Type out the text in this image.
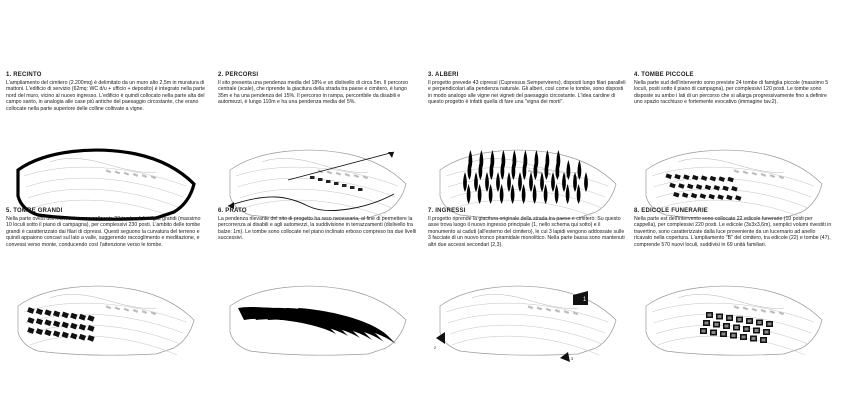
1. RECINTO
L'ampliamento del cimitero (2.200mq) è delimitato da un muro alto 2,5m in muratura di mattoni. L'edificio di servizio (62mq: WC d/u + ufficio + deposito) è integrato nella parte nord del muro, vicino al nuovo ingresso. L'edificio è quindi collocato nella parte alta del campo santo, in analogia alle case più antiche del paesaggio circostante, che erano collocate nella parte superiore delle colline coltivate a vigne.
2. PERCORSI
Il sito presenta una pendenza media del 18% e un dislivello di circa 5m. Il percorso centrale (scale), che riprende la giacitura della strada tra paese e cimitero, è lungo 35m e ha una pendenza del 15%. Il percorso in rampa, percorribile da disabili e automezzi, è lungo 110m e ha una pendenza media del 5%.
3. ALBERI
Il progetto prevede 43 cipressi (Cupressus Sempervirens), disposti lungo filari paralleli e perpendicolari alla pendenza naturale. Gli alberi, così come le tombe, sono disposti in modo analogo alle vigne nei vigneti del paesaggio circostante. L'idea cardine di questo progetto è infatti quella di fare una "vigna dei morti".
4. TOMBE PICCOLE
Nella parte sud dell'intervento sono previste 24 tombe di famiglia piccole (massimo 5 loculi, posti sotto il piano di campagna), per complessivi 120 posti. Le tombe sono disposte su ambo i lati di un percorso che si allarga progressivamente fino a definire uno spazio racchiuso e fortemente evocativo (immagine tav.2).
5. TOMBE GRANDI
Nella parte ovest dell'intervento sono collocate 23 tombe di famiglia grandi (massimo 10 loculi sotto il piano di campagna), per complessivi 230 posti. L'ambito delle tombe grandi è caratterizzato dai filari di cipressi. Questi seguono la curvatura del terreno e quindi appaiono concavi sul lato a valle, suggerendo raccoglimento e meditazione, e convessi verso monte, conducendo così l'attenzione verso le tombe.
6. PRATO
La pendenza rilevante del sito di progetto ha reso necessaria, al fine di permettere la percorrenza ai disabili e agli automezzi, la suddivisione in terrazzamenti (dislivello tra balze: 1m). Le tombe sono collocate nel piano inclinato erboso compreso tra due livelli successivi.
7. INGRESSI
Il progetto riprende la giacitura originale della strada tra paese e cimitero. Su questo asse trova luogo il nuovo ingresso principale (1, nello schema qui sotto) e il monumento ai caduti (all'esterno del cimitero), le cui 3 lapidi vengono addossate sulle 3 facciate di un nuovo tronco piramidale monolitico. Nella parte bassa sono mantenuti altri due accessi secondari (2,3).
1
2
3
8. EDICOLE FUNERARIE
Nella parte est dell'intervento sono collocate 22 edicole funerarie (10 posti per cappella), per complessivi 220 posti. Le edicole (3x3x3,6m), semplici volumi rivestiti in travertino, sono caratterizzate dalla luce proveniente da un lucernario ad anello ricavato nella copertura. L'ampliamento "B" del cimitero, tra edicole (22) e tombe (47), comprende 570 nuovi loculi, suddivisi in 69 unità familiari.
